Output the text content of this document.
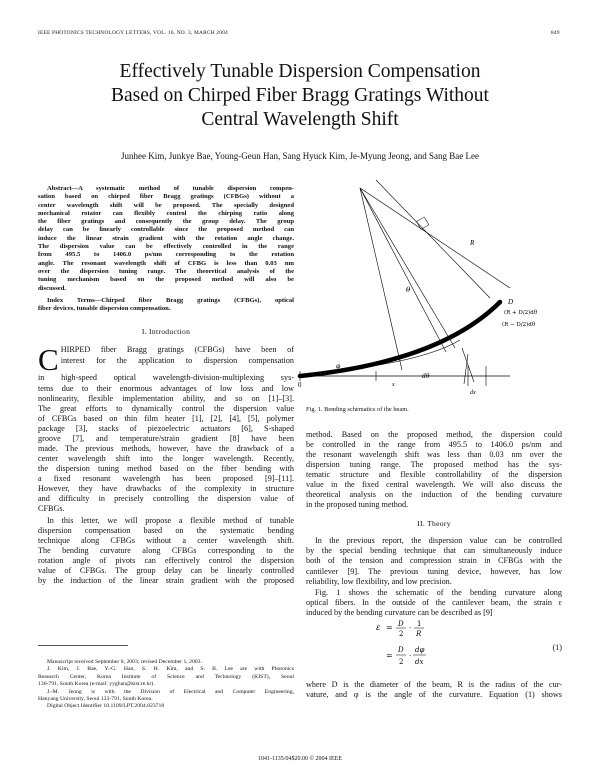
IEEE PHOTONICS TECHNOLOGY LETTERS, VOL. 16, NO. 3, MARCH 2004	849
Effectively Tunable Dispersion Compensation
Based on Chirped Fiber Bragg Gratings Without
Central Wavelength Shift
Junhee Kim, Junkye Bae, Young-Geun Han, Sang Hyuck Kim, Je-Myung Jeong, and Sang Bae Lee
Abstract—A systematic method of tunable dispersion compen-
sation based on chirped fiber Bragg gratings (CFBGs) without a
center wavelength shift will be proposed. The specially designed
mechanical rotator can flexibly control the chirping ratio along
the fiber gratings and consequently the group delay. The group
delay can be linearly controllable since the proposed method can
induce the linear strain gradient with the rotation angle change.
The dispersion value can be effectively controlled in the range
from 495.5 to 1406.0 ps/nm corresponding to the rotation
angle. The resonant wavelength shift of CFBG is less than 0.03 nm
over the dispersion tuning range. The theoretical analysis of the
tuning mechanism based on the proposed method will also be
discussed.
Index Terms—Chirped fiber Bragg gratings (CFBGs), optical
fiber devices, tunable dispersion compensation.
I. Introduction
C HIRPED fiber Bragg gratings (CFBGs) have been of
interest for the application to dispersion compensation
in high-speed optical wavelength-division-multiplexing sys-
tems due to their enormous advantages of low loss and low
nonlinearity, flexible implementation ability, and so on [1]–[3].
The great efforts to dynamically control the dispersion value
of CFBGs based on thin film heater [1], [2], [4], [5], polymer
package [3], stacks of piezoelectric actuators [6], S-shaped
groove [7], and temperature/strain gradient [8] have been
made. The previous methods, however, have the drawback of a
center wavelength shift into the longer wavelength. Recently,
the dispersion tuning method based on the fiber bending with
a fixed resonant wavelength has been proposed [9]–[11].
However, they have drawbacks of the complexity in structure
and difficulty in precisely controlling the dispersion value of
CFBGs.
In this letter, we will propose a flexible method of tunable
dispersion compensation based on the systematic bending
technique along CFBGs without a center wavelength shift.
The bending curvature along CFBGs corresponding to the
rotation angle of pivots can effectively control the dispersion
value of CFBGs. The group delay can be linearly controlled
by the induction of the linear strain gradient with the proposed
Manuscript received September 8, 2003; revised December 1, 2003.
J. Kim, J. Bae, Y.-G. Han, S. H. Kim, and S. B. Lee are with Photonics
Research Center, Korea Institute of Science and Technology (KIST), Seoul
136-791, South Korea (e-mail: yyghan@kist.re.kr).
J.-M. Jeong is with the Division of Electrical and Computer Engineering,
Hanyang University, Seoul 133-791, South Korea.
Digital Object Identifier 10.1109/LPT.2004.823718
0
R
θ
D
(R + D/2)dθ
(R − D/2)dθ
φ
dθ
dx
x
Fig. 1. Bending schematics of the beam.
method. Based on the proposed method, the dispersion could
be controlled in the range from 495.5 to 1406.0 ps/nm and
the resonant wavelength shift was less than 0.03 nm over the
dispersion tuning range. The proposed method has the sys-
tematic structure and flexible controllability of the dispersion
value in the fixed central wavelength. We will also discuss the
theoretical analysis on the induction of the bending curvature
in the proposed tuning method.
II. Theory
In the previous report, the dispersion value can be controlled
by the special bending technique that can simultaneously induce
both of the tension and compression strain in CFBGs with the
cantilever [9]. The previous tuning device, however, has low
reliability, low flexibility, and low precision.
Fig. 1 shows the schematic of the bending curvature along
optical fibers. In the outside of the cantilever beam, the strain ε
induced by the bending curvature can be described as [9]
ε = D
2
· 1
R
=
D
2
·
dφ
dx
(1)
where D is the diameter of the beam, R is the radius of the cur-
vature, and φ is the angle of the curvature. Equation (1) shows
1041-1135/04$20.00 © 2004 IEEE
